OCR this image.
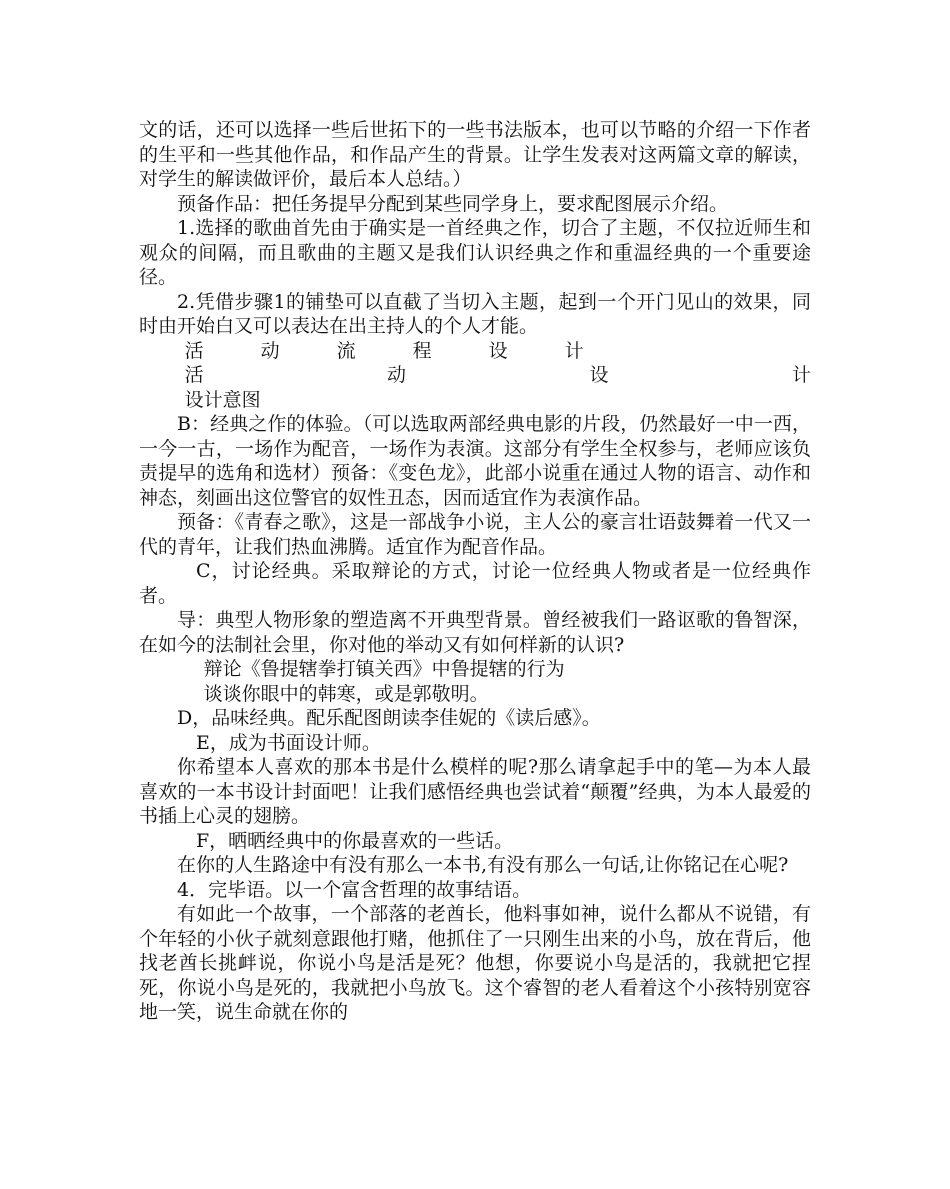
文的话，还可以选择一些后世拓下的一些书法版本，也可以节略的介绍一下作者的生平和一些其他作品，和作品产生的背景。让学生发表对这两篇文章的解读，对学生的解读做评价，最后本人总结。）

预备作品：把任务提早分配到某些同学身上，要求配图展示介绍。

1.选择的歌曲首先由于确实是一首经典之作，切合了主题，不仅拉近师生和观众的间隔，而且歌曲的主题又是我们认识经典之作和重温经典的一个重要途径。

2.凭借步骤1的铺垫可以直截了当切入主题，起到一个开门见山的效果，同时由开始白又可以表达在出主持人的个人才能。

活	动	流	程	设	计
活	动	设	计

设计意图

B：经典之作的体验。（可以选取两部经典电影的片段，仍然最好一中一西，一今一古，一场作为配音，一场作为表演。这部分有学生全权参与，老师应该负责提早的选角和选材）预备：《变色龙》，此部小说重在通过人物的语言、动作和神态，刻画出这位警官的奴性丑态，因而适宜作为表演作品。

预备：《青春之歌》，这是一部战争小说，主人公的豪言壮语鼓舞着一代又一代的青年，让我们热血沸腾。适宜作为配音作品。

C，讨论经典。采取辩论的方式，讨论一位经典人物或者是一位经典作者。

导：典型人物形象的塑造离不开典型背景。曾经被我们一路讴歌的鲁智深，在如今的法制社会里，你对他的举动又有如何样新的认识?

辩论《鲁提辖拳打镇关西》中鲁提辖的行为

谈谈你眼中的韩寒，或是郭敬明。

D，品味经典。配乐配图朗读李佳妮的《读后感》。

E，成为书面设计师。

你希望本人喜欢的那本书是什么模样的呢?那么请拿起手中的笔—为本人最喜欢的一本书设计封面吧！让我们感悟经典也尝试着“颠覆”经典，为本人最爱的书插上心灵的翅膀。

F，晒晒经典中的你最喜欢的一些话。

在你的人生路途中有没有那么一本书,有没有那么一句话,让你铭记在心呢?

4．完毕语。以一个富含哲理的故事结语。

有如此一个故事，一个部落的老酋长，他料事如神，说什么都从不说错，有个年轻的小伙子就刻意跟他打赌，他抓住了一只刚生出来的小鸟，放在背后，他找老酋长挑衅说，你说小鸟是活是死？他想，你要说小鸟是活的，我就把它捏死，你说小鸟是死的，我就把小鸟放飞。这个睿智的老人看着这个小孩特别宽容地一笑，说生命就在你的
